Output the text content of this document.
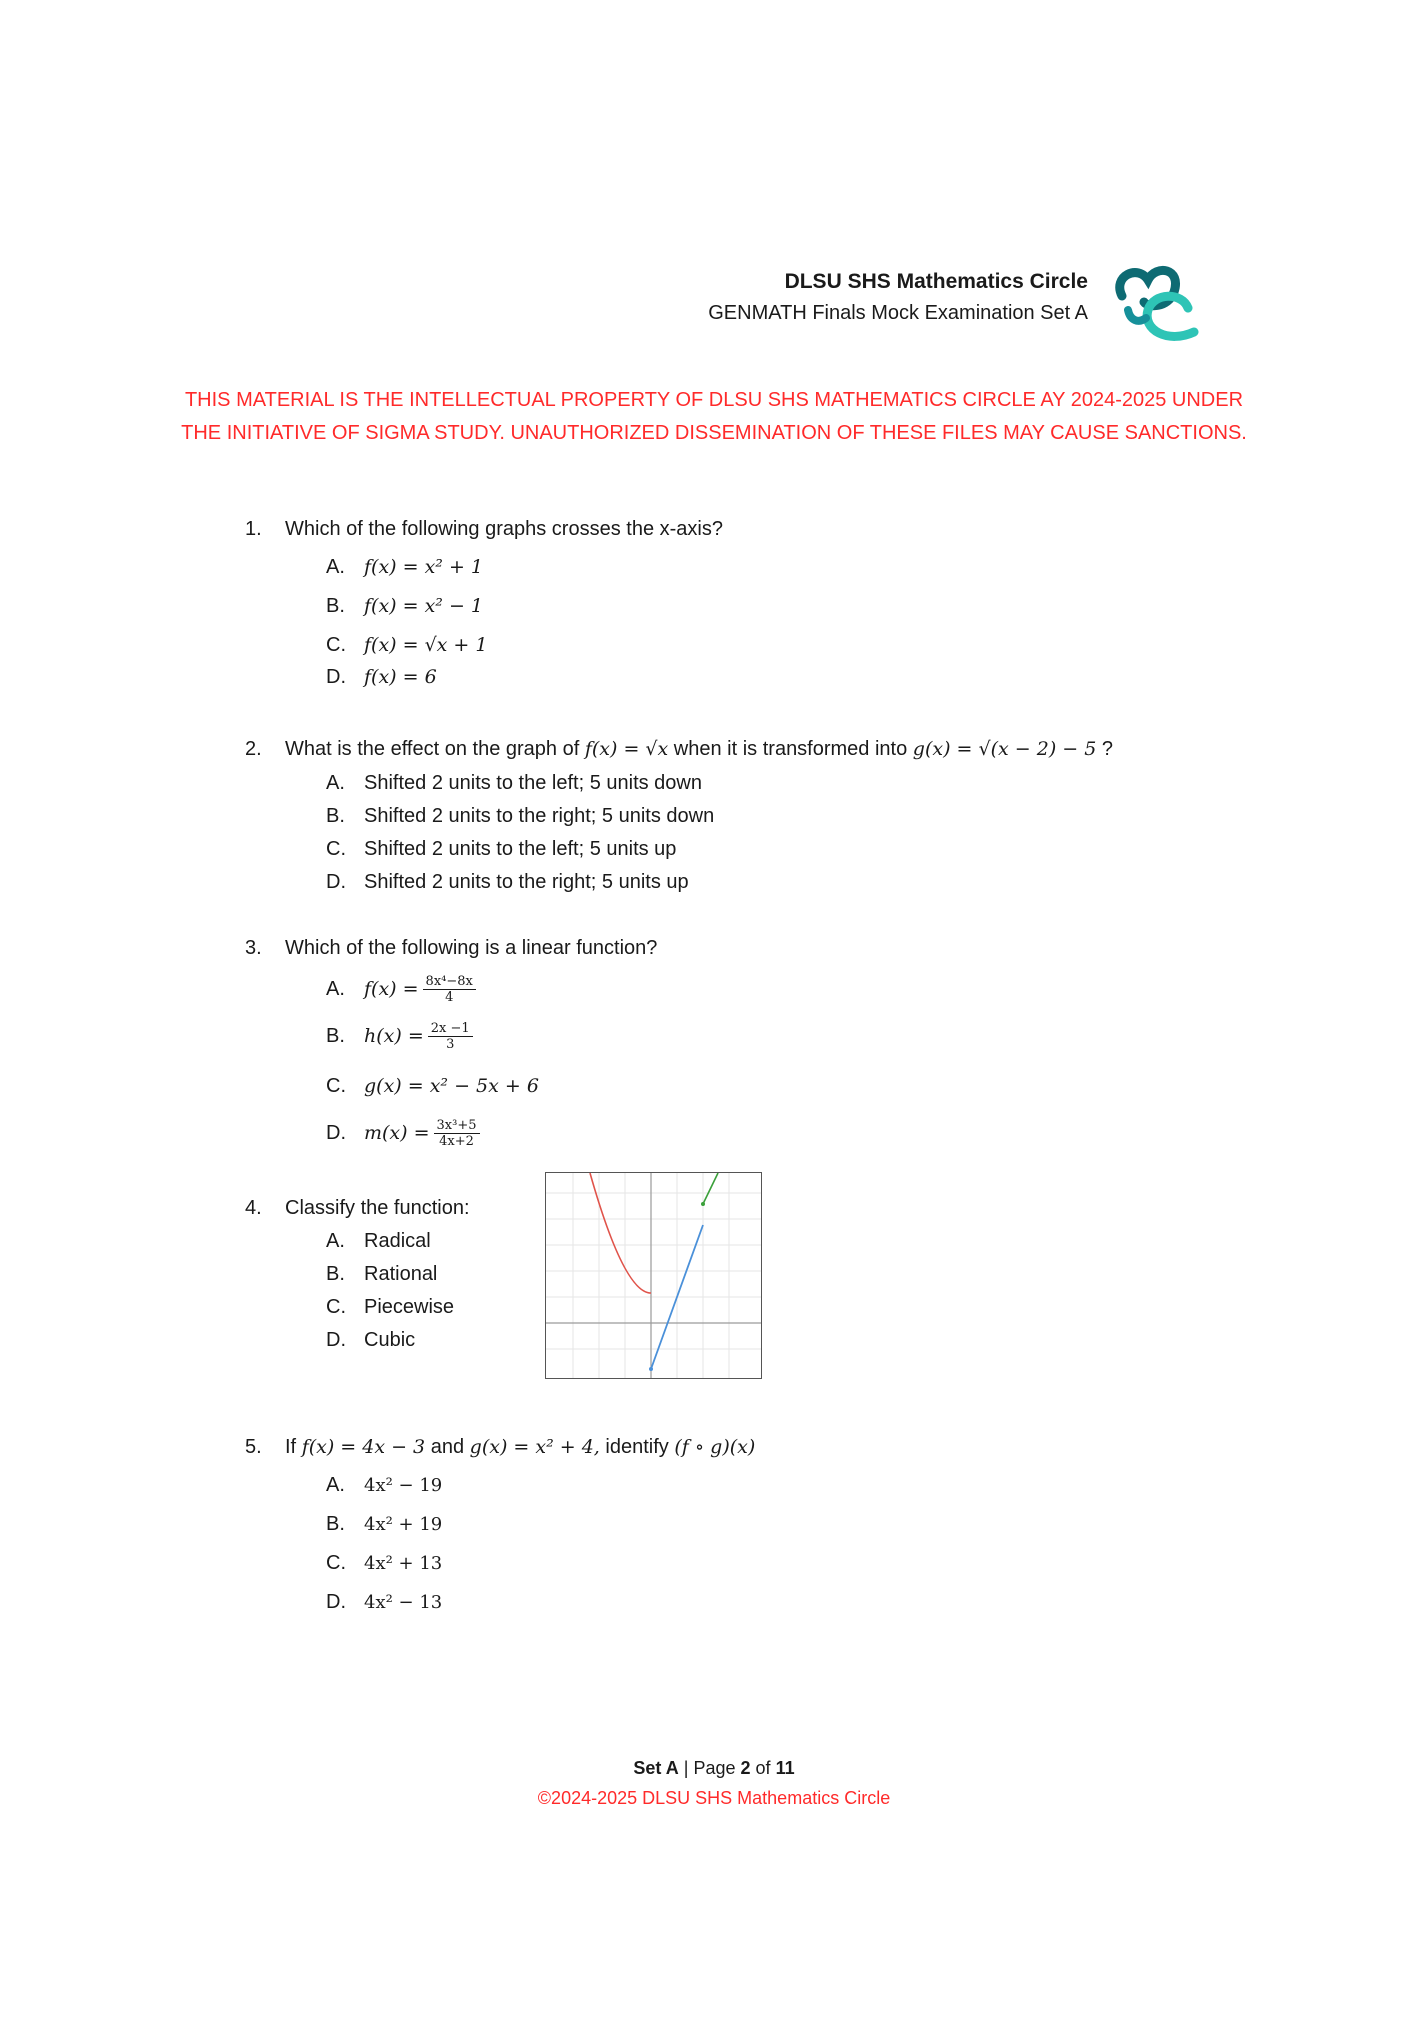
DLSU SHS Mathematics Circle
GENMATH Finals Mock Examination Set A
THIS MATERIAL IS THE INTELLECTUAL PROPERTY OF DLSU SHS MATHEMATICS CIRCLE AY 2024-2025 UNDER THE INITIATIVE OF SIGMA STUDY. UNAUTHORIZED DISSEMINATION OF THESE FILES MAY CAUSE SANCTIONS.
1. Which of the following graphs crosses the x-axis?
A. f(x) = x² + 1
B. f(x) = x² − 1
C. f(x) = √x + 1
D. f(x) = 6
2. What is the effect on the graph of f(x) = √x when it is transformed into g(x) = √(x − 2) − 5 ?
A. Shifted 2 units to the left; 5 units down
B. Shifted 2 units to the right; 5 units down
C. Shifted 2 units to the left; 5 units up
D. Shifted 2 units to the right; 5 units up
3. Which of the following is a linear function?
A. $f(x) = \frac{\text{8x⁴−8x}}{4}$
B. $h(x) = \frac{2x -1}{3}$
C. g(x) = x² − 5x + 6
D. $m(x) = \frac{\text{3x³+5}}{4x+2}$
4. Classify the function:
A. Radical
B. Rational
C. Piecewise
D. Cubic
5. If f(x) = 4x − 3 and g(x) = x² + 4, identify (f ∘ g)(x)
A. 4x² − 19
B. 4x² + 19
C. 4x² + 13
D. 4x² − 13
Set A | Page 2 of 11
©2024-2025 DLSU SHS Mathematics Circle
